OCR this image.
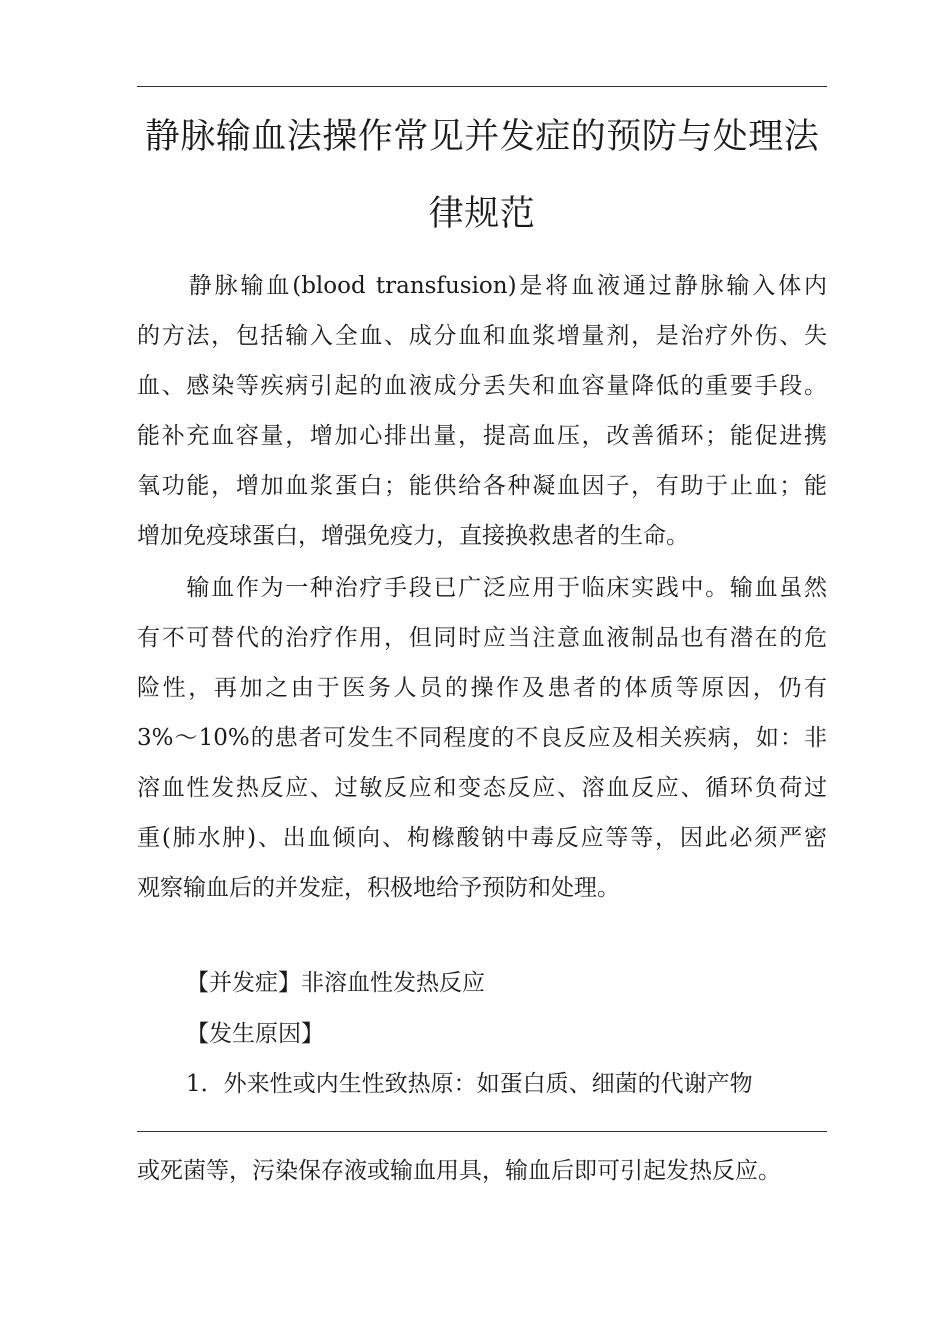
静脉输血法操作常见并发症的预防与处理法
律规范
　　静脉输血(blood transfusion)是将血液通过静脉输入体内
的方法，包括输入全血、成分血和血浆增量剂，是治疗外伤、失
血、感染等疾病引起的血液成分丢失和血容量降低的重要手段。
能补充血容量，增加心排出量，提高血压，改善循环；能促进携
氧功能，增加血浆蛋白；能供给各种凝血因子，有助于止血；能
增加免疫球蛋白，增强免疫力，直接换救患者的生命。
　　输血作为一种治疗手段已广泛应用于临床实践中。输血虽然
有不可替代的治疗作用，但同时应当注意血液制品也有潜在的危
险性，再加之由于医务人员的操作及患者的体质等原因，仍有
3%〜10%的患者可发生不同程度的不良反应及相关疾病，如：非
溶血性发热反应、过敏反应和变态反应、溶血反应、循环负荷过
重(肺水肿)、出血倾向、枸橼酸钠中毒反应等等，因此必须严密
观察输血后的并发症，积极地给予预防和处理。

【并发症】非溶血性发热反应

【发生原因】

1．外来性或内生性致热原：如蛋白质、细菌的代谢产物

或死菌等，污染保存液或输血用具，输血后即可引起发热反应。
